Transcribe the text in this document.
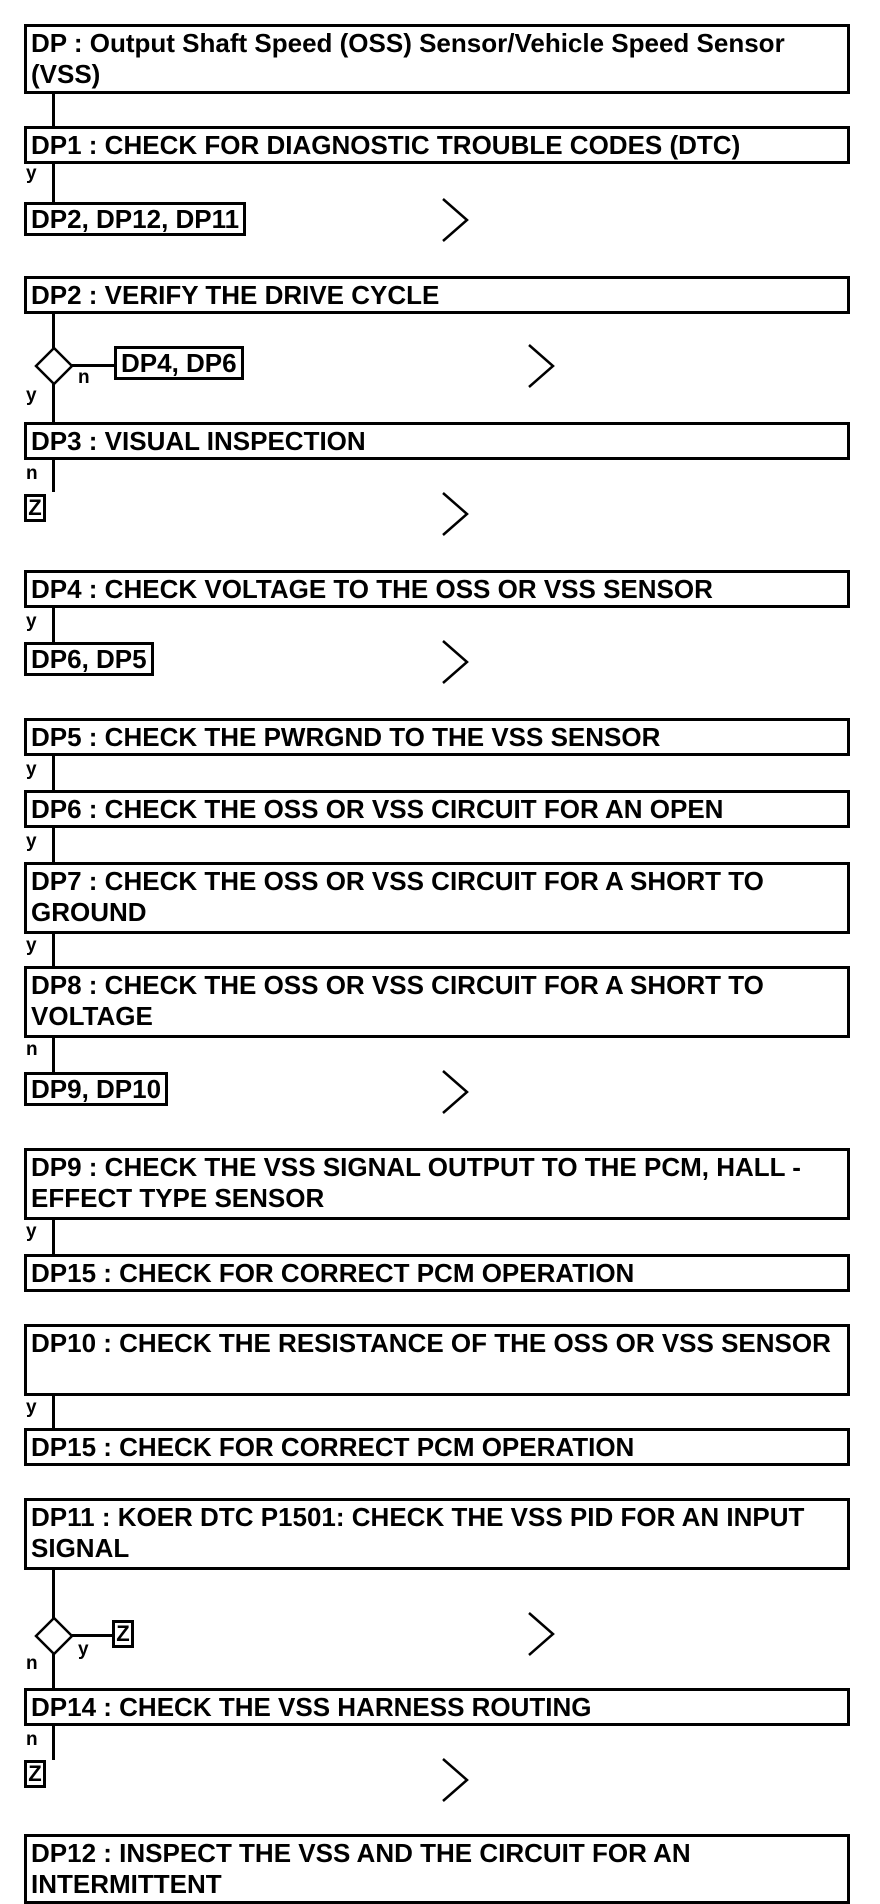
DP : Output Shaft Speed (OSS) Sensor/Vehicle Speed Sensor (VSS)
DP1 : CHECK FOR DIAGNOSTIC TROUBLE CODES (DTC)
y
DP2, DP12, DP11
DP2 : VERIFY THE DRIVE CYCLE
n DP4, DP6
y
DP3 : VISUAL INSPECTION
n
Z
DP4 : CHECK VOLTAGE TO THE OSS OR VSS SENSOR
y
DP6, DP5
DP5 : CHECK THE PWRGND TO THE VSS SENSOR
y
DP6 : CHECK THE OSS OR VSS CIRCUIT FOR AN OPEN
y
DP7 : CHECK THE OSS OR VSS CIRCUIT FOR A SHORT TO GROUND
y
DP8 : CHECK THE OSS OR VSS CIRCUIT FOR A SHORT TO VOLTAGE
n
DP9, DP10
DP9 : CHECK THE VSS SIGNAL OUTPUT TO THE PCM, HALL -EFFECT TYPE SENSOR
y
DP15 : CHECK FOR CORRECT PCM OPERATION
DP10 : CHECK THE RESISTANCE OF THE OSS OR VSS SENSOR
y
DP15 : CHECK FOR CORRECT PCM OPERATION
DP11 : KOER DTC P1501: CHECK THE VSS PID FOR AN INPUT SIGNAL
y
Z
n
DP14 : CHECK THE VSS HARNESS ROUTING
n
Z
DP12 : INSPECT THE VSS AND THE CIRCUIT FOR AN INTERMITTENT
